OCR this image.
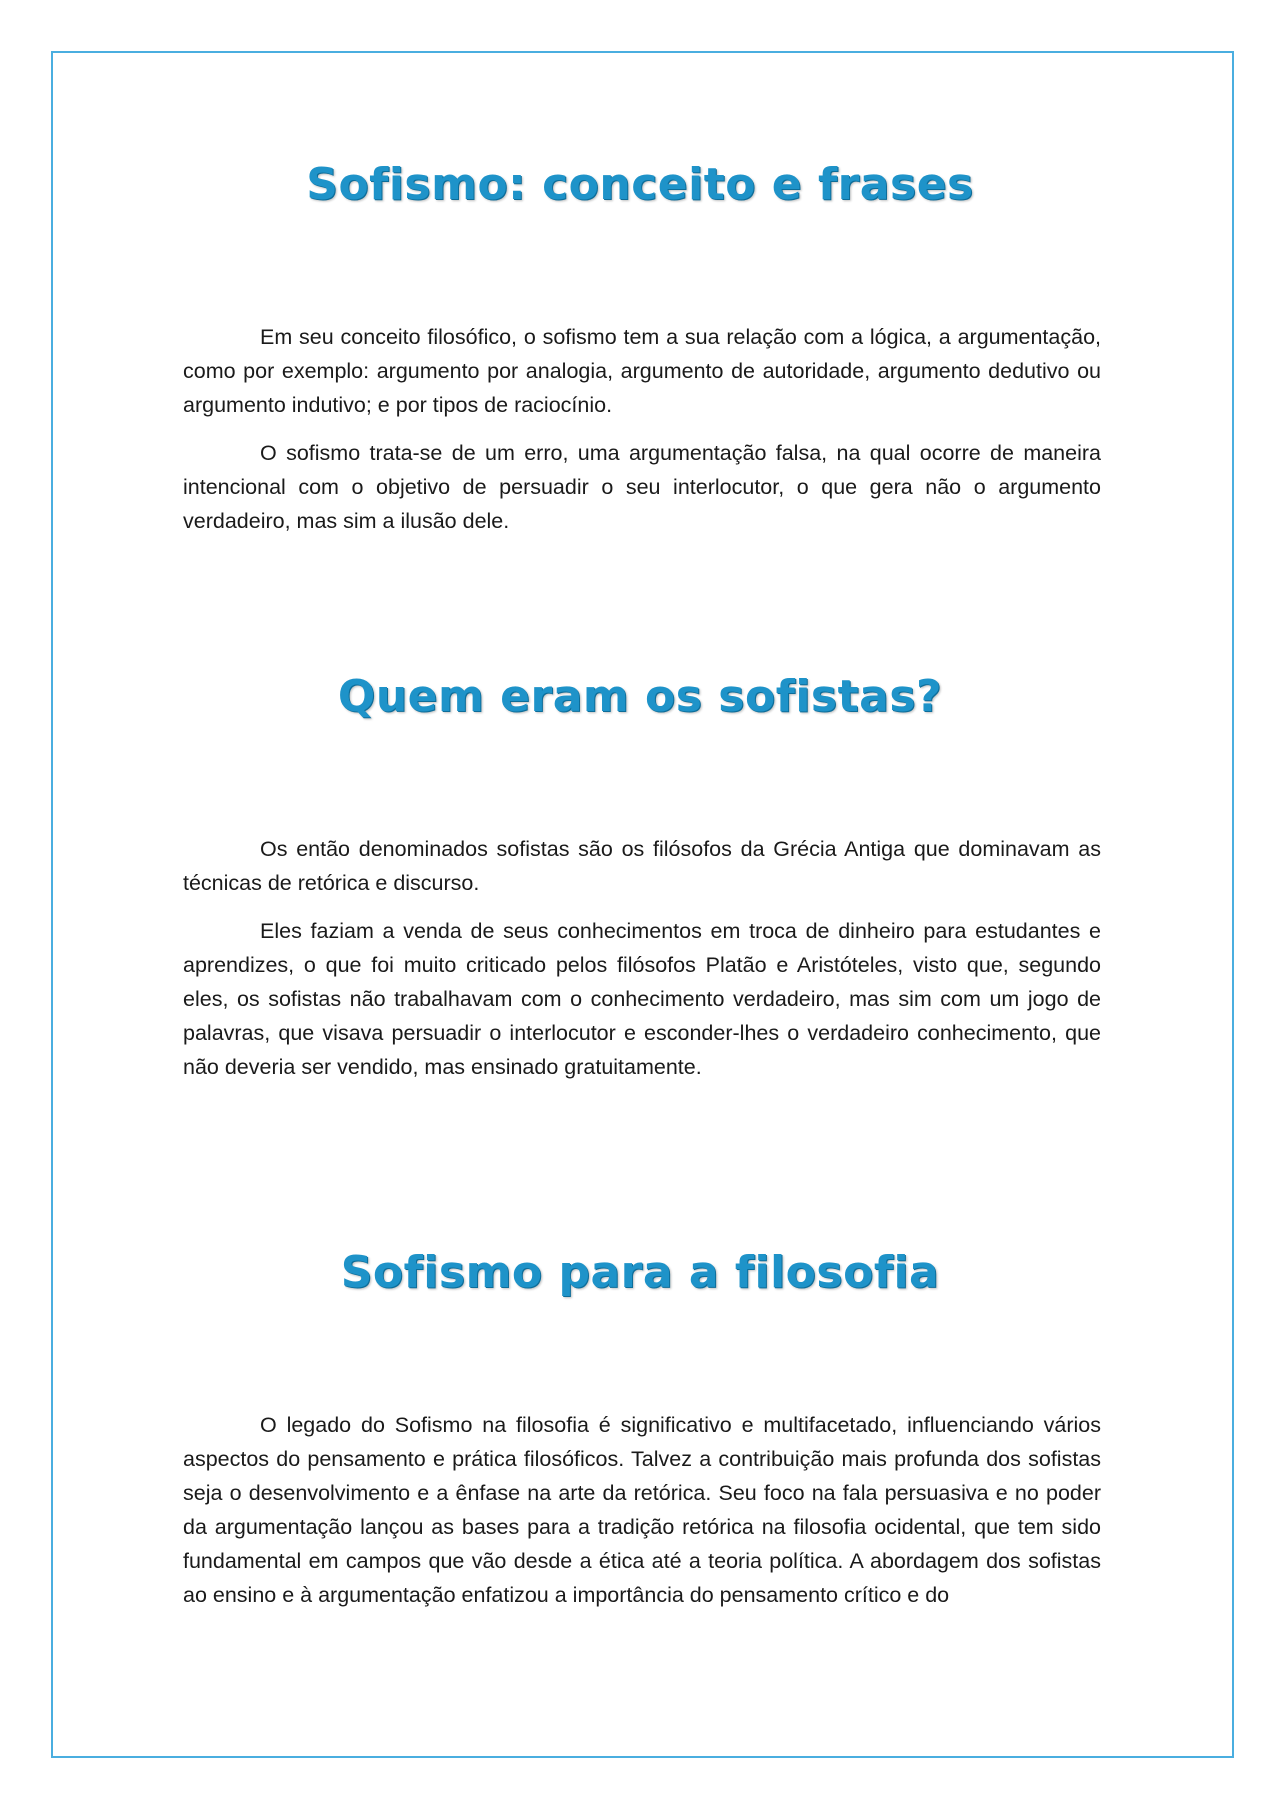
Sofismo: conceito e frases

Em seu conceito filosófico, o sofismo tem a sua relação com a lógica, a argumentação, como por exemplo: argumento por analogia, argumento de autoridade, argumento dedutivo ou argumento indutivo; e por tipos de raciocínio.

O sofismo trata-se de um erro, uma argumentação falsa, na qual ocorre de maneira intencional com o objetivo de persuadir o seu interlocutor, o que gera não o argumento verdadeiro, mas sim a ilusão dele.

Quem eram os sofistas?

Os então denominados sofistas são os filósofos da Grécia Antiga que dominavam as técnicas de retórica e discurso.

Eles faziam a venda de seus conhecimentos em troca de dinheiro para estudantes e aprendizes, o que foi muito criticado pelos filósofos Platão e Aristóteles, visto que, segundo eles, os sofistas não trabalhavam com o conhecimento verdadeiro, mas sim com um jogo de palavras, que visava persuadir o interlocutor e esconder-lhes o verdadeiro conhecimento, que não deveria ser vendido, mas ensinado gratuitamente.

Sofismo para a filosofia

O legado do Sofismo na filosofia é significativo e multifacetado, influenciando vários aspectos do pensamento e prática filosóficos. Talvez a contribuição mais profunda dos sofistas seja o desenvolvimento e a ênfase na arte da retórica. Seu foco na fala persuasiva e no poder da argumentação lançou as bases para a tradição retórica na filosofia ocidental, que tem sido fundamental em campos que vão desde a ética até a teoria política. A abordagem dos sofistas ao ensino e à argumentação enfatizou a importância do pensamento crítico e do
